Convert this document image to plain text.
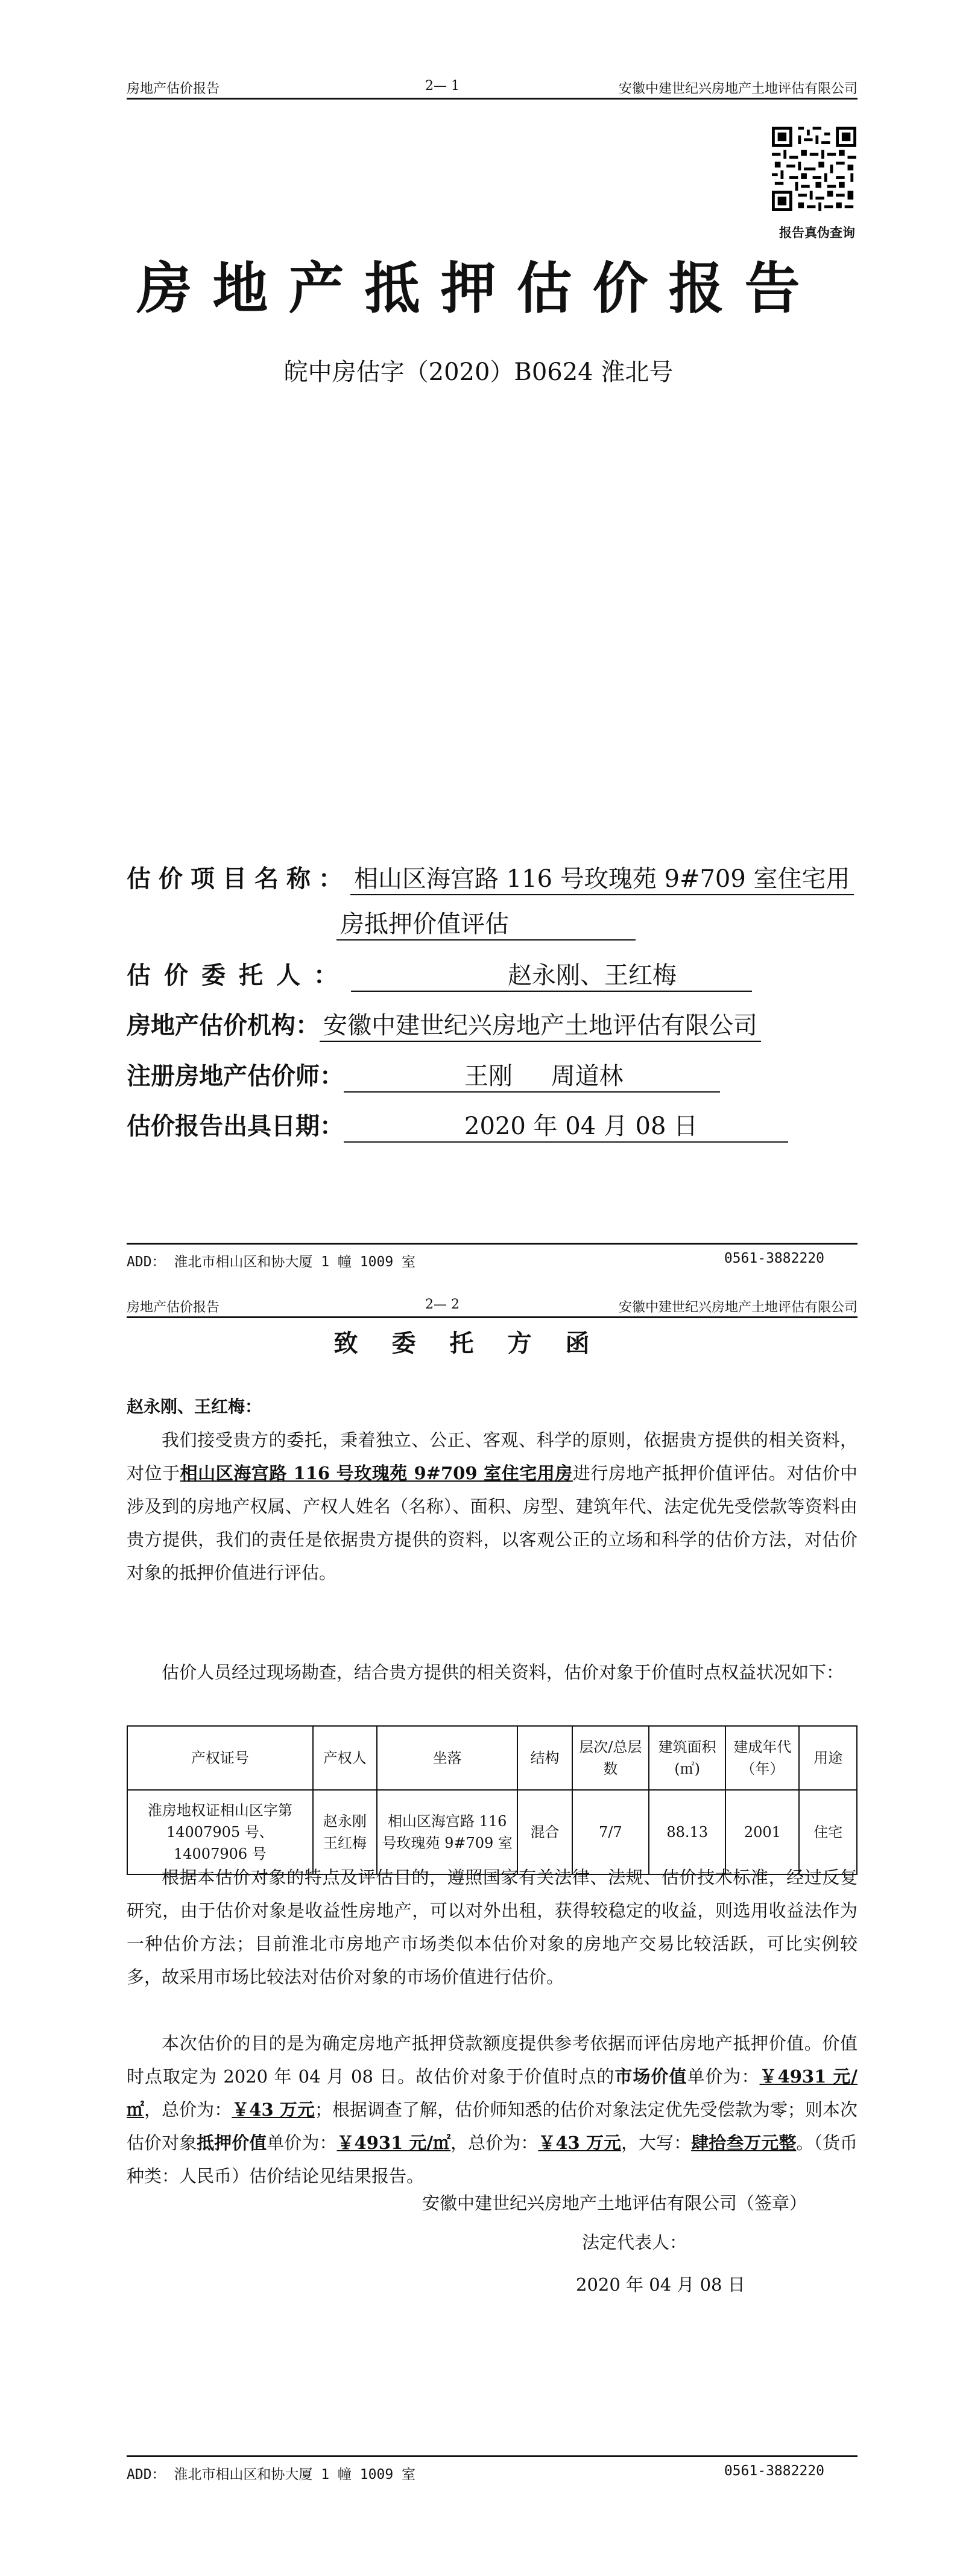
房地产估价报告	2— 1	安徽中建世纪兴房地产土地评估有限公司
报告真伪查询
房地产抵押估价报告
皖中房估字（2020）B0624 淮北号
估价项目名称： 相山区海宫路 116 号玫瑰苑 9#709 室住宅用
房抵押价值评估
估价委托人：	赵永刚、王红梅
房地产估价机构： 安徽中建世纪兴房地产土地评估有限公司
注册房地产估价师：	王刚     周道林
估价报告出具日期：	2020 年 04 月 08 日
ADD： 淮北市相山区和协大厦 1 幢 1009 室	0561-3882220
房地产估价报告	2— 2	安徽中建世纪兴房地产土地评估有限公司
致委托方函
赵永刚、王红梅：
我们接受贵方的委托，秉着独立、公正、客观、科学的原则，依据贵方提供的相关资料，对位于相山区海宫路 116 号玫瑰苑 9#709 室住宅用房进行房地产抵押价值评估。对估价中涉及到的房地产权属、产权人姓名（名称）、面积、房型、建筑年代、法定优先受偿款等资料由贵方提供，我们的责任是依据贵方提供的资料，以客观公正的立场和科学的估价方法，对估价对象的抵押价值进行评估。
估价人员经过现场勘查，结合贵方提供的相关资料，估价对象于价值时点权益状况如下：
产权证号	产权人	坐落	结构	层次/总层数	建筑面积(㎡)	建成年代（年）	用途
淮房地权证相山区字第 14007905 号、14007906 号	赵永刚王红梅	相山区海宫路 116 号玫瑰苑 9#709 室	混合	7/7	88.13	2001	住宅
根据本估价对象的特点及评估目的，遵照国家有关法律、法规、估价技术标准，经过反复研究，由于估价对象是收益性房地产，可以对外出租，获得较稳定的收益，则选用收益法作为一种估价方法；目前淮北市房地产市场类似本估价对象的房地产交易比较活跃，可比实例较多，故采用市场比较法对估价对象的市场价值进行估价。
本次估价的目的是为确定房地产抵押贷款额度提供参考依据而评估房地产抵押价值。价值时点取定为 2020 年 04 月 08 日。故估价对象于价值时点的市场价值单价为：￥4931 元/㎡，总价为：￥43 万元；根据调查了解，估价师知悉的估价对象法定优先受偿款为零；则本次估价对象抵押价值单价为：￥4931 元/㎡，总价为：￥43 万元，大写：肆拾叁万元整。（货币种类：人民币）估价结论见结果报告。
安徽中建世纪兴房地产土地评估有限公司（签章）
法定代表人：
2020 年 04 月 08 日
ADD： 淮北市相山区和协大厦 1 幢 1009 室	0561-3882220
